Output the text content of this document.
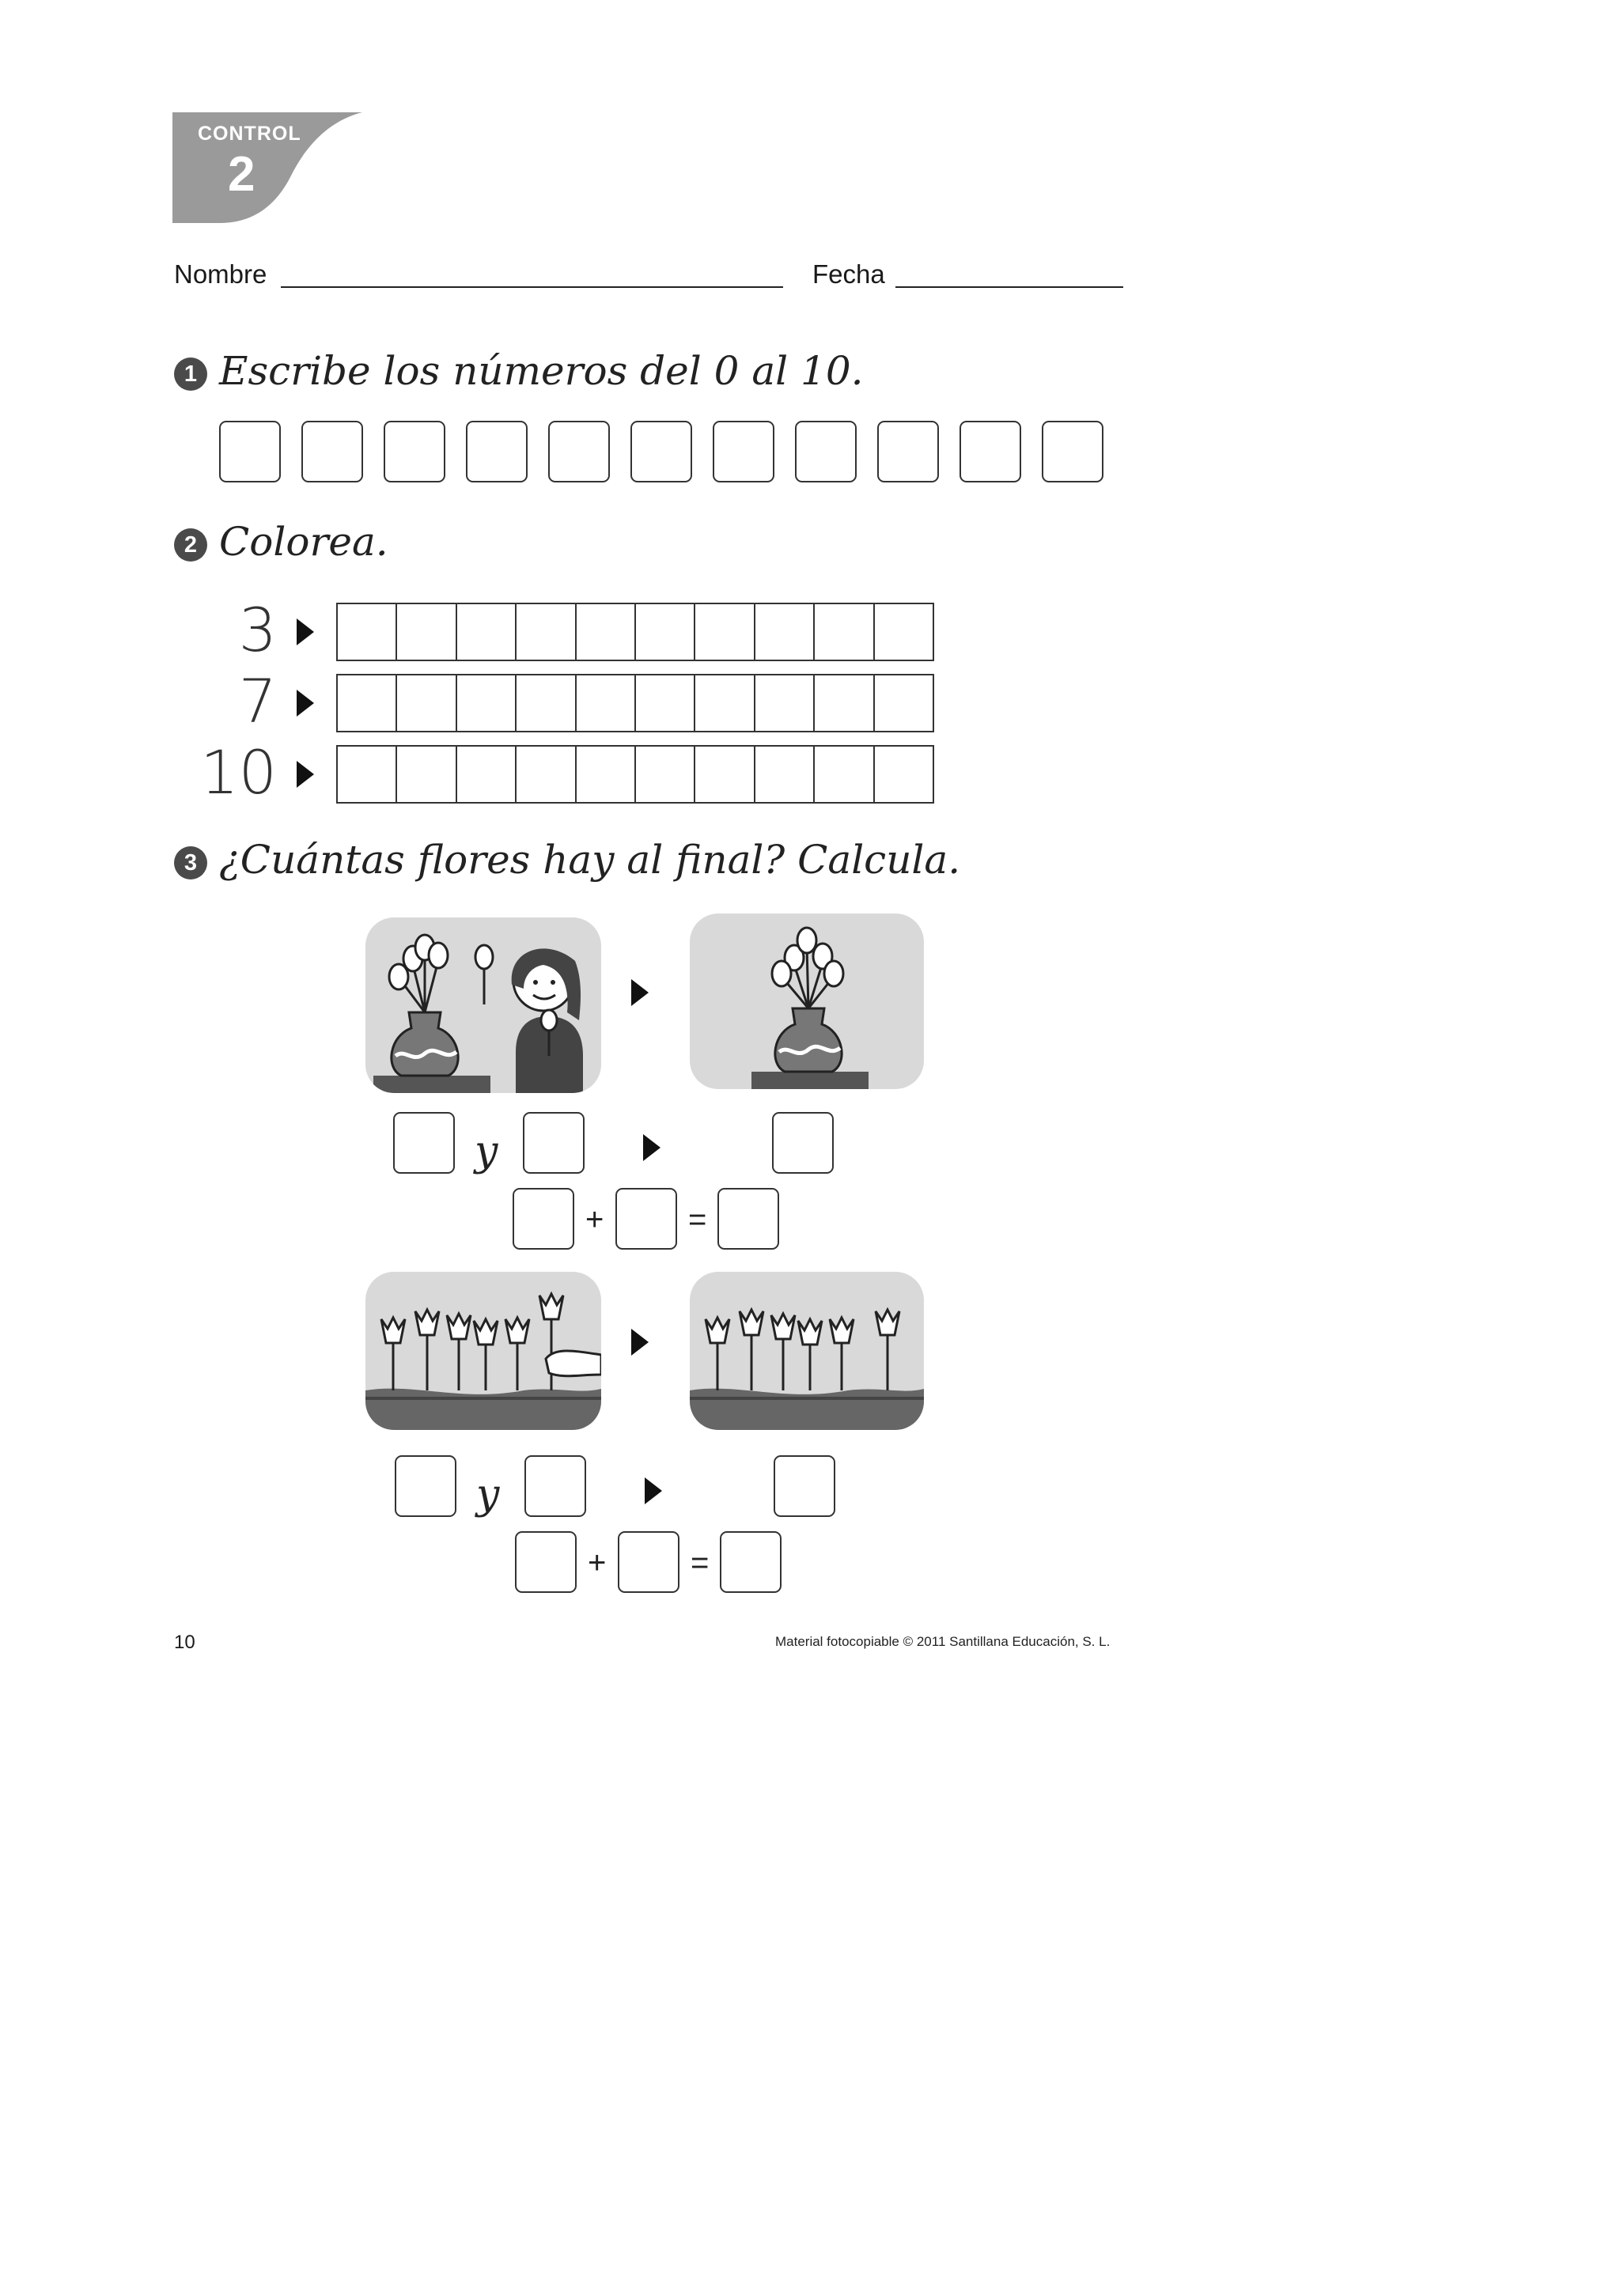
CONTROL
2
Nombre	Fecha
1 Escribe los números del 0 al 10.
2 Colorea.
3
7
10
3 ¿Cuántas flores hay al final? Calcula.
y
+	=
y
+	=
10	Material fotocopiable © 2011 Santillana Educación, S. L.
